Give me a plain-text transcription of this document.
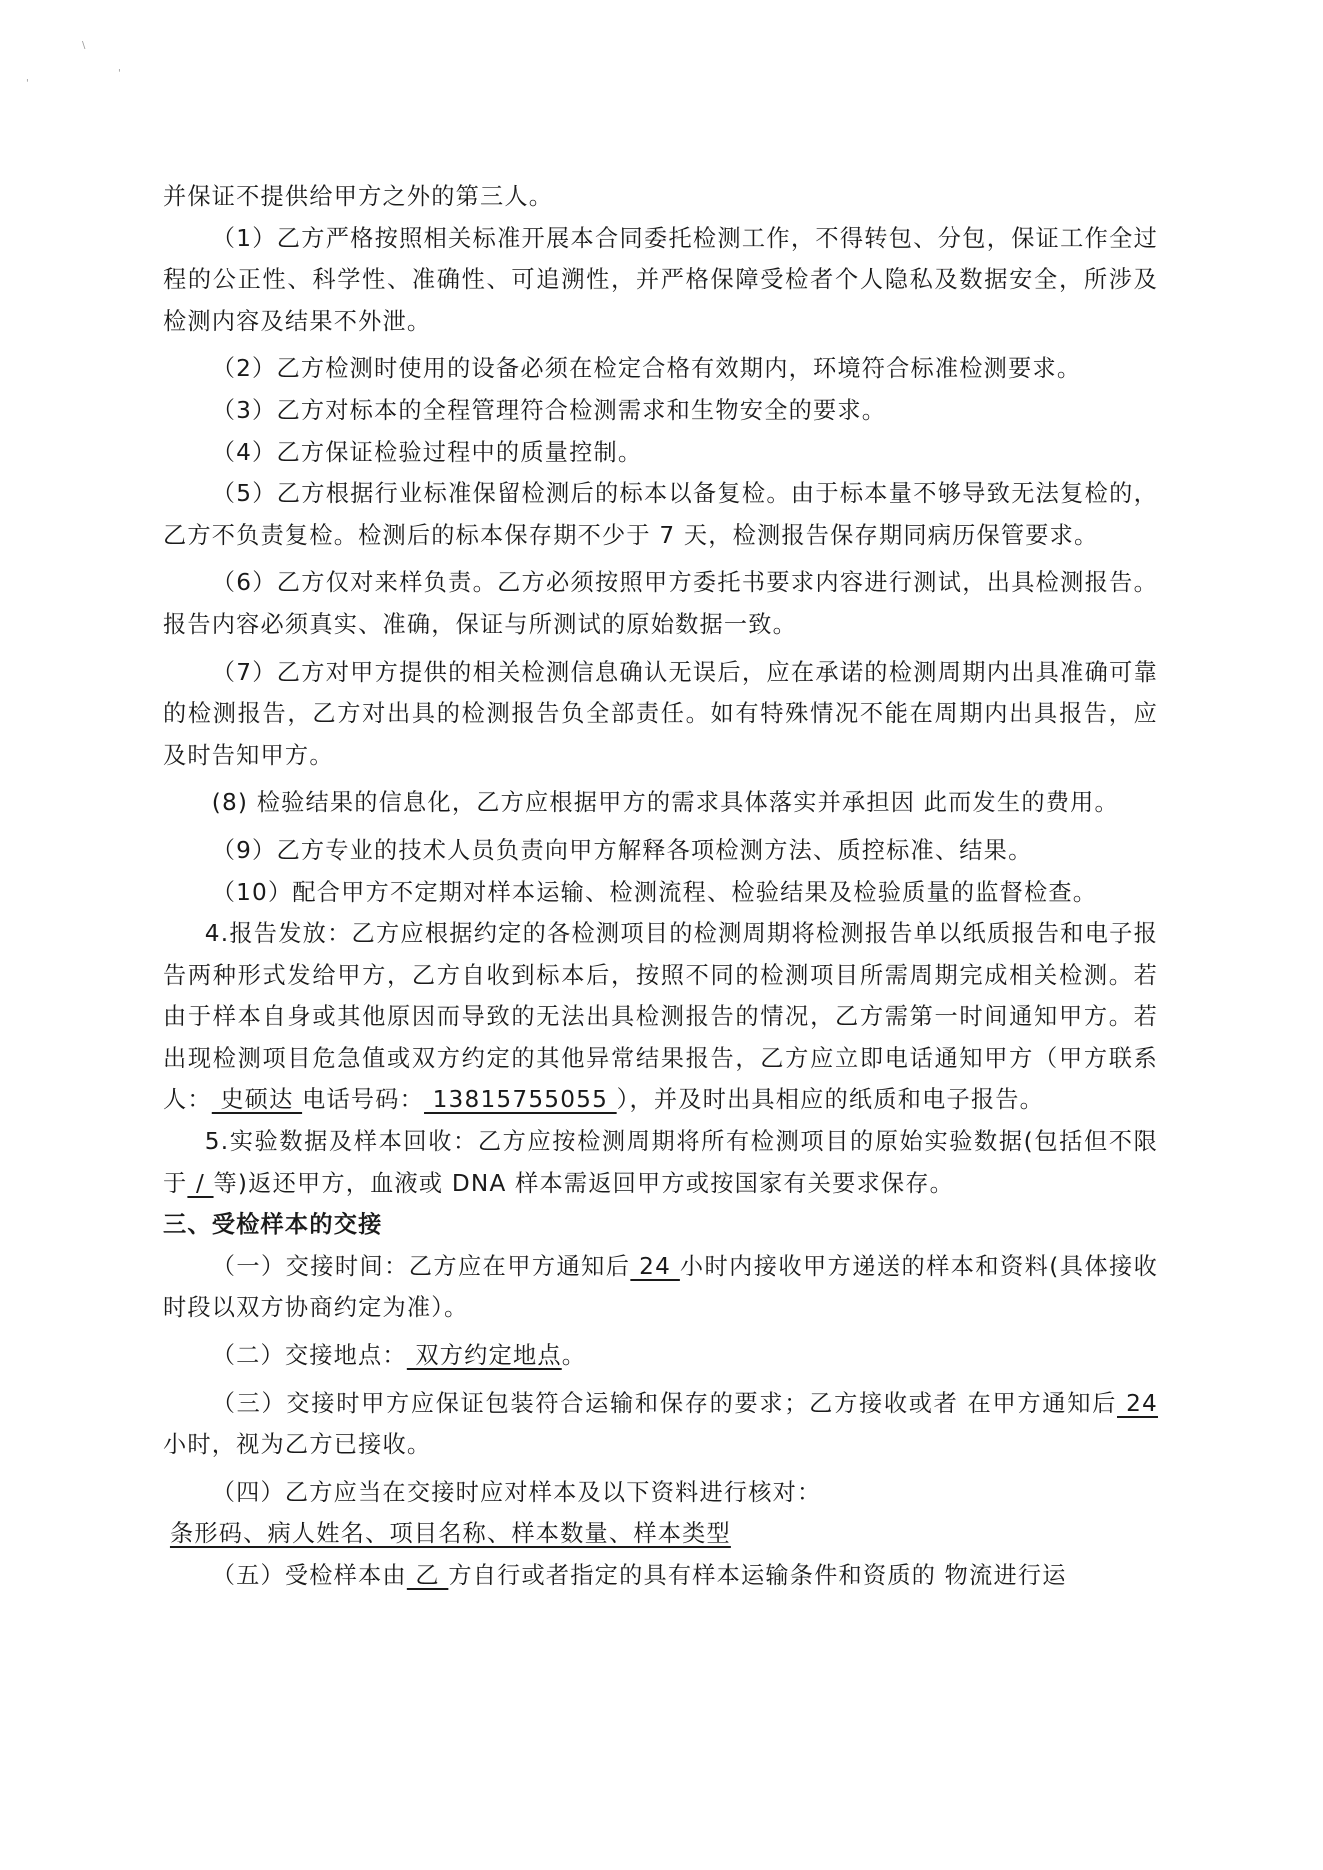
\
'
'

并保证不提供给甲方之外的第三人。

（1）乙方严格按照相关标准开展本合同委托检测工作，不得转包、分包，保证工作全过程的公正性、科学性、准确性、可追溯性，并严格保障受检者个人隐私及数据安全，所涉及检测内容及结果不外泄。

（2）乙方检测时使用的设备必须在检定合格有效期内，环境符合标准检测要求。

（3）乙方对标本的全程管理符合检测需求和生物安全的要求。

（4）乙方保证检验过程中的质量控制。

（5）乙方根据行业标准保留检测后的标本以备复检。由于标本量不够导致无法复检的，乙方不负责复检。检测后的标本保存期不少于 7 天，检测报告保存期同病历保管要求。

（6）乙方仅对来样负责。乙方必须按照甲方委托书要求内容进行测试，出具检测报告。报告内容必须真实、准确，保证与所测试的原始数据一致。

（7）乙方对甲方提供的相关检测信息确认无误后，应在承诺的检测周期内出具准确可靠的检测报告，乙方对出具的检测报告负全部责任。如有特殊情况不能在周期内出具报告，应及时告知甲方。

(8) 检验结果的信息化，乙方应根据甲方的需求具体落实并承担因 此而发生的费用。

（9）乙方专业的技术人员负责向甲方解释各项检测方法、质控标准、结果。

（10）配合甲方不定期对样本运输、检测流程、检验结果及检验质量的监督检查。

4.报告发放：乙方应根据约定的各检测项目的检测周期将检测报告单以纸质报告和电子报告两种形式发给甲方，乙方自收到标本后，按照不同的检测项目所需周期完成相关检测。若由于样本自身或其他原因而导致的无法出具检测报告的情况，乙方需第一时间通知甲方。若出现检测项目危急值或双方约定的其他异常结果报告，乙方应立即电话通知甲方（甲方联系人： 史硕达 电话号码： 13815755055 ），并及时出具相应的纸质和电子报告。

5.实验数据及样本回收：乙方应按检测周期将所有检测项目的原始实验数据(包括但不限于 / 等)返还甲方，血液或 DNA 样本需返回甲方或按国家有关要求保存。

三、受检样本的交接

（一）交接时间：乙方应在甲方通知后 24 小时内接收甲方递送的样本和资料(具体接收时段以双方协商约定为准）。

（二）交接地点： 双方约定地点。

（三）交接时甲方应保证包装符合运输和保存的要求；乙方接收或者 在甲方通知后 24 小时，视为乙方已接收。

（四）乙方应当在交接时应对样本及以下资料进行核对：

条形码、病人姓名、项目名称、样本数量、样本类型

（五）受检样本由 乙 方自行或者指定的具有样本运输条件和资质的 物流进行运
